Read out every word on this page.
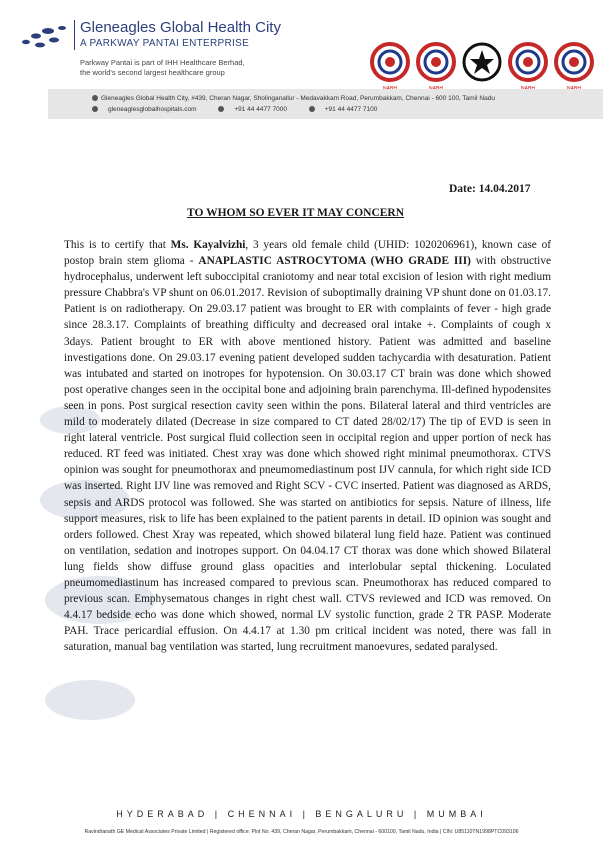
Gleneagles Global Health City
A PARKWAY PANTAI ENTERPRISE
Parkway Pantai is part of IHH Healthcare Berhad,
the world's second largest healthcare group
Gleneagles Global Health City, #439, Cheran Nagar, Sholinganallur - Medavakkam Road, Perumbakkam, Chennai - 600 100, Tamil Nadu
gleneaglesglobalhospitals.com	+91 44 4477 7000	+91 44 4477 7100
Date: 14.04.2017
TO WHOM SO EVER IT MAY CONCERN
This is to certify that Ms. Kayalvizhi, 3 years old female child (UHID: 1020206961), known case of postop brain stem glioma - ANAPLASTIC ASTROCYTOMA (WHO GRADE III) with obstructive hydrocephalus, underwent left suboccipital craniotomy and near total excision of lesion with right medium pressure Chabbra's VP shunt on 06.01.2017. Revision of suboptimally draining VP shunt done on 01.03.17. Patient is on radiotherapy. On 29.03.17 patient was brought to ER with complaints of fever - high grade since 28.3.17. Complaints of breathing difficulty and decreased oral intake +. Complaints of cough x 3days. Patient brought to ER with above mentioned history. Patient was admitted and baseline investigations done. On 29.03.17 evening patient developed sudden tachycardia with desaturation. Patient was intubated and started on inotropes for hypotension. On 30.03.17 CT brain was done which showed post operative changes seen in the occipital bone and adjoining brain parenchyma. Ill-defined hypodensites seen in pons. Post surgical resection cavity seen within the pons. Bilateral lateral and third ventricles are mild to moderately dilated (Decrease in size compared to CT dated 28/02/17) The tip of EVD is seen in right lateral ventricle. Post surgical fluid collection seen in occipital region and upper portion of neck has reduced. RT feed was initiated. Chest xray was done which showed right minimal pneumothorax. CTVS opinion was sought for pneumothorax and pneumomediastinum post IJV cannula, for which right side ICD was inserted. Right IJV line was removed and Right SCV - CVC inserted. Patient was diagnosed as ARDS, sepsis and ARDS protocol was followed. She was started on antibiotics for sepsis. Nature of illness, life support measures, risk to life has been explained to the patient parents in detail. ID opinion was sought and orders followed. Chest Xray was repeated, which showed bilateral lung field haze. Patient was continued on ventilation, sedation and inotropes support. On 04.04.17 CT thorax was done which showed Bilateral lung fields show diffuse ground glass opacities and interlobular septal thickening. Loculated pneumomediastinum has increased compared to previous scan. Pneumothorax has reduced compared to previous scan. Emphysematous changes in right chest wall. CTVS reviewed and ICD was removed. On 4.4.17 bedside echo was done which showed, normal LV systolic function, grade 2 TR PASP. Moderate PAH. Trace pericardial effusion. On 4.4.17 at 1.30 pm critical incident was noted, there was fall in saturation, manual bag ventilation was started, lung recruitment manoevures, sedated paralysed.
HYDERABAD | CHENNAI | BENGALURU | MUMBAI
Ravindranath GE Medical Associates Private Limited | Registered office: Plot No. 439, Cheran Nagar, Perumbakkam, Chennai - 600100, Tamil Nadu, India | CIN: U85110TN1998PTC093106
